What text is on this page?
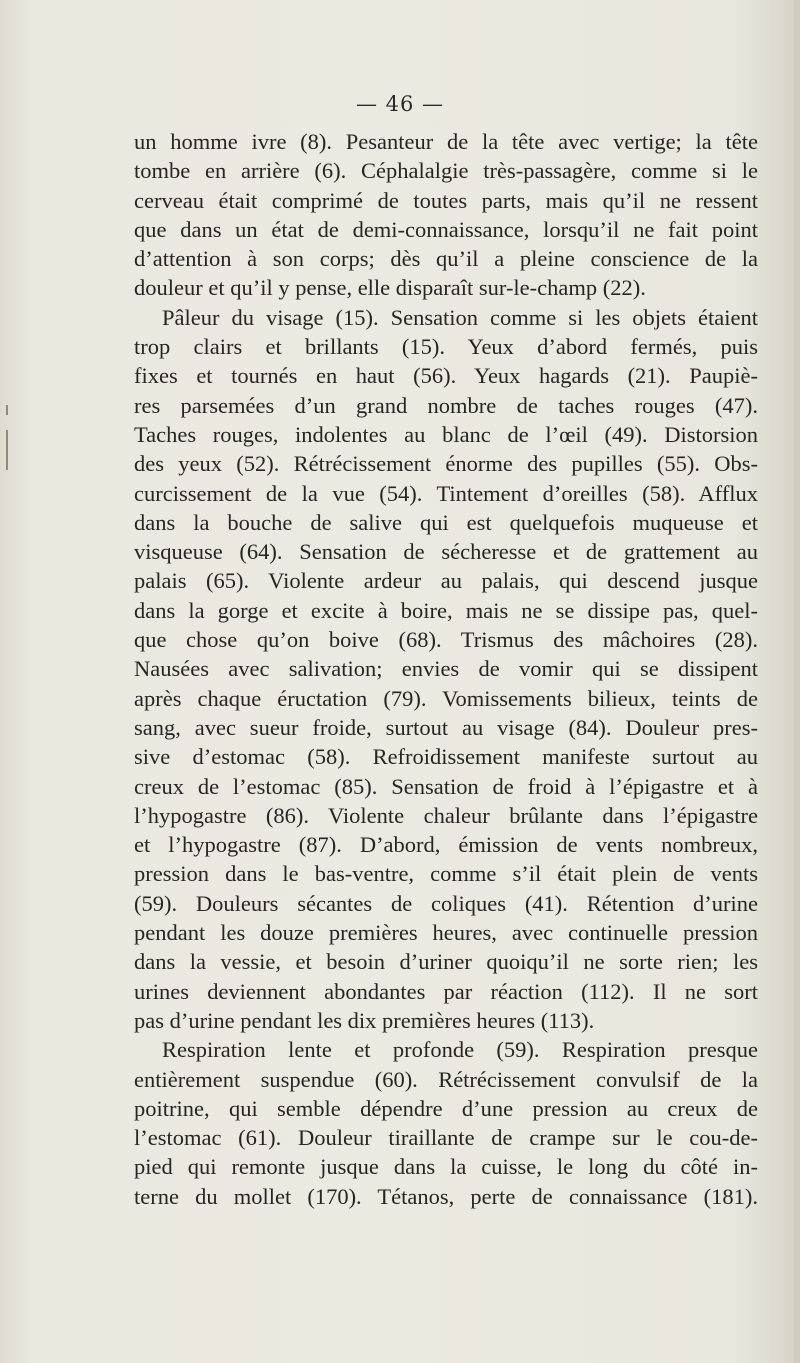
— 46 —
un homme ivre (8). Pesanteur de la tête avec vertige; la tête
tombe en arrière (6). Céphalalgie très-passagère, comme si le
cerveau était comprimé de toutes parts, mais qu’il ne ressent
que dans un état de demi-connaissance, lorsqu’il ne fait point
d’attention à son corps; dès qu’il a pleine conscience de la
douleur et qu’il y pense, elle disparaît sur-le-champ (22).
Pâleur du visage (15). Sensation comme si les objets étaient
trop clairs et brillants (15). Yeux d’abord fermés, puis
fixes et tournés en haut (56). Yeux hagards (21). Paupiè-
res parsemées d’un grand nombre de taches rouges (47).
Taches rouges, indolentes au blanc de l’œil (49). Distorsion
des yeux (52). Rétrécissement énorme des pupilles (55). Obs-
curcissement de la vue (54). Tintement d’oreilles (58). Afflux
dans la bouche de salive qui est quelquefois muqueuse et
visqueuse (64). Sensation de sécheresse et de grattement au
palais (65). Violente ardeur au palais, qui descend jusque
dans la gorge et excite à boire, mais ne se dissipe pas, quel-
que chose qu’on boive (68). Trismus des mâchoires (28).
Nausées avec salivation; envies de vomir qui se dissipent
après chaque éructation (79). Vomissements bilieux, teints de
sang, avec sueur froide, surtout au visage (84). Douleur pres-
sive d’estomac (58). Refroidissement manifeste surtout au
creux de l’estomac (85). Sensation de froid à l’épigastre et à
l’hypogastre (86). Violente chaleur brûlante dans l’épigastre
et l’hypogastre (87). D’abord, émission de vents nombreux,
pression dans le bas-ventre, comme s’il était plein de vents
(59). Douleurs sécantes de coliques (41). Rétention d’urine
pendant les douze premières heures, avec continuelle pression
dans la vessie, et besoin d’uriner quoiqu’il ne sorte rien; les
urines deviennent abondantes par réaction (112). Il ne sort
pas d’urine pendant les dix premières heures (113).
Respiration lente et profonde (59). Respiration presque
entièrement suspendue (60). Rétrécissement convulsif de la
poitrine, qui semble dépendre d’une pression au creux de
l’estomac (61). Douleur tiraillante de crampe sur le cou-de-
pied qui remonte jusque dans la cuisse, le long du côté in-
terne du mollet (170). Tétanos, perte de connaissance (181).
